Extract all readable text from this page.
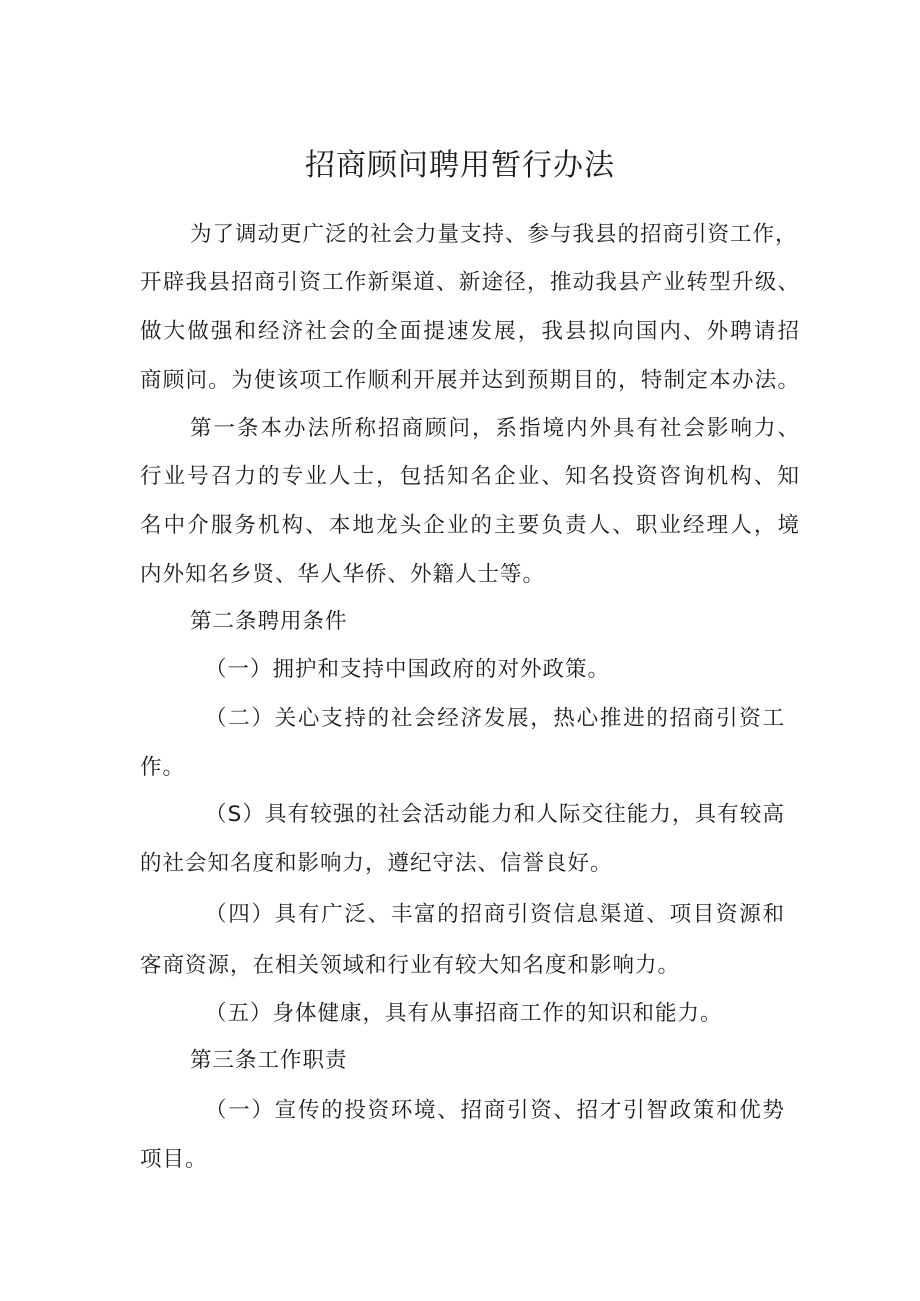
招商顾问聘用暂行办法

为了调动更广泛的社会力量支持、参与我县的招商引资工作，

开辟我县招商引资工作新渠道、新途径，推动我县产业转型升级、

做大做强和经济社会的全面提速发展，我县拟向国内、外聘请招

商顾问。为使该项工作顺利开展并达到预期目的，特制定本办法。

第一条本办法所称招商顾问，系指境内外具有社会影响力、

行业号召力的专业人士，包括知名企业、知名投资咨询机构、知

名中介服务机构、本地龙头企业的主要负责人、职业经理人，境

内外知名乡贤、华人华侨、外籍人士等。

第二条聘用条件

（一）拥护和支持中国政府的对外政策。

（二）关心支持的社会经济发展，热心推进的招商引资工

作。

（S）具有较强的社会活动能力和人际交往能力，具有较高

的社会知名度和影响力，遵纪守法、信誉良好。

（四）具有广泛、丰富的招商引资信息渠道、项目资源和

客商资源，在相关领域和行业有较大知名度和影响力。

（五）身体健康，具有从事招商工作的知识和能力。

第三条工作职责

（一）宣传的投资环境、招商引资、招才引智政策和优势

项目。
